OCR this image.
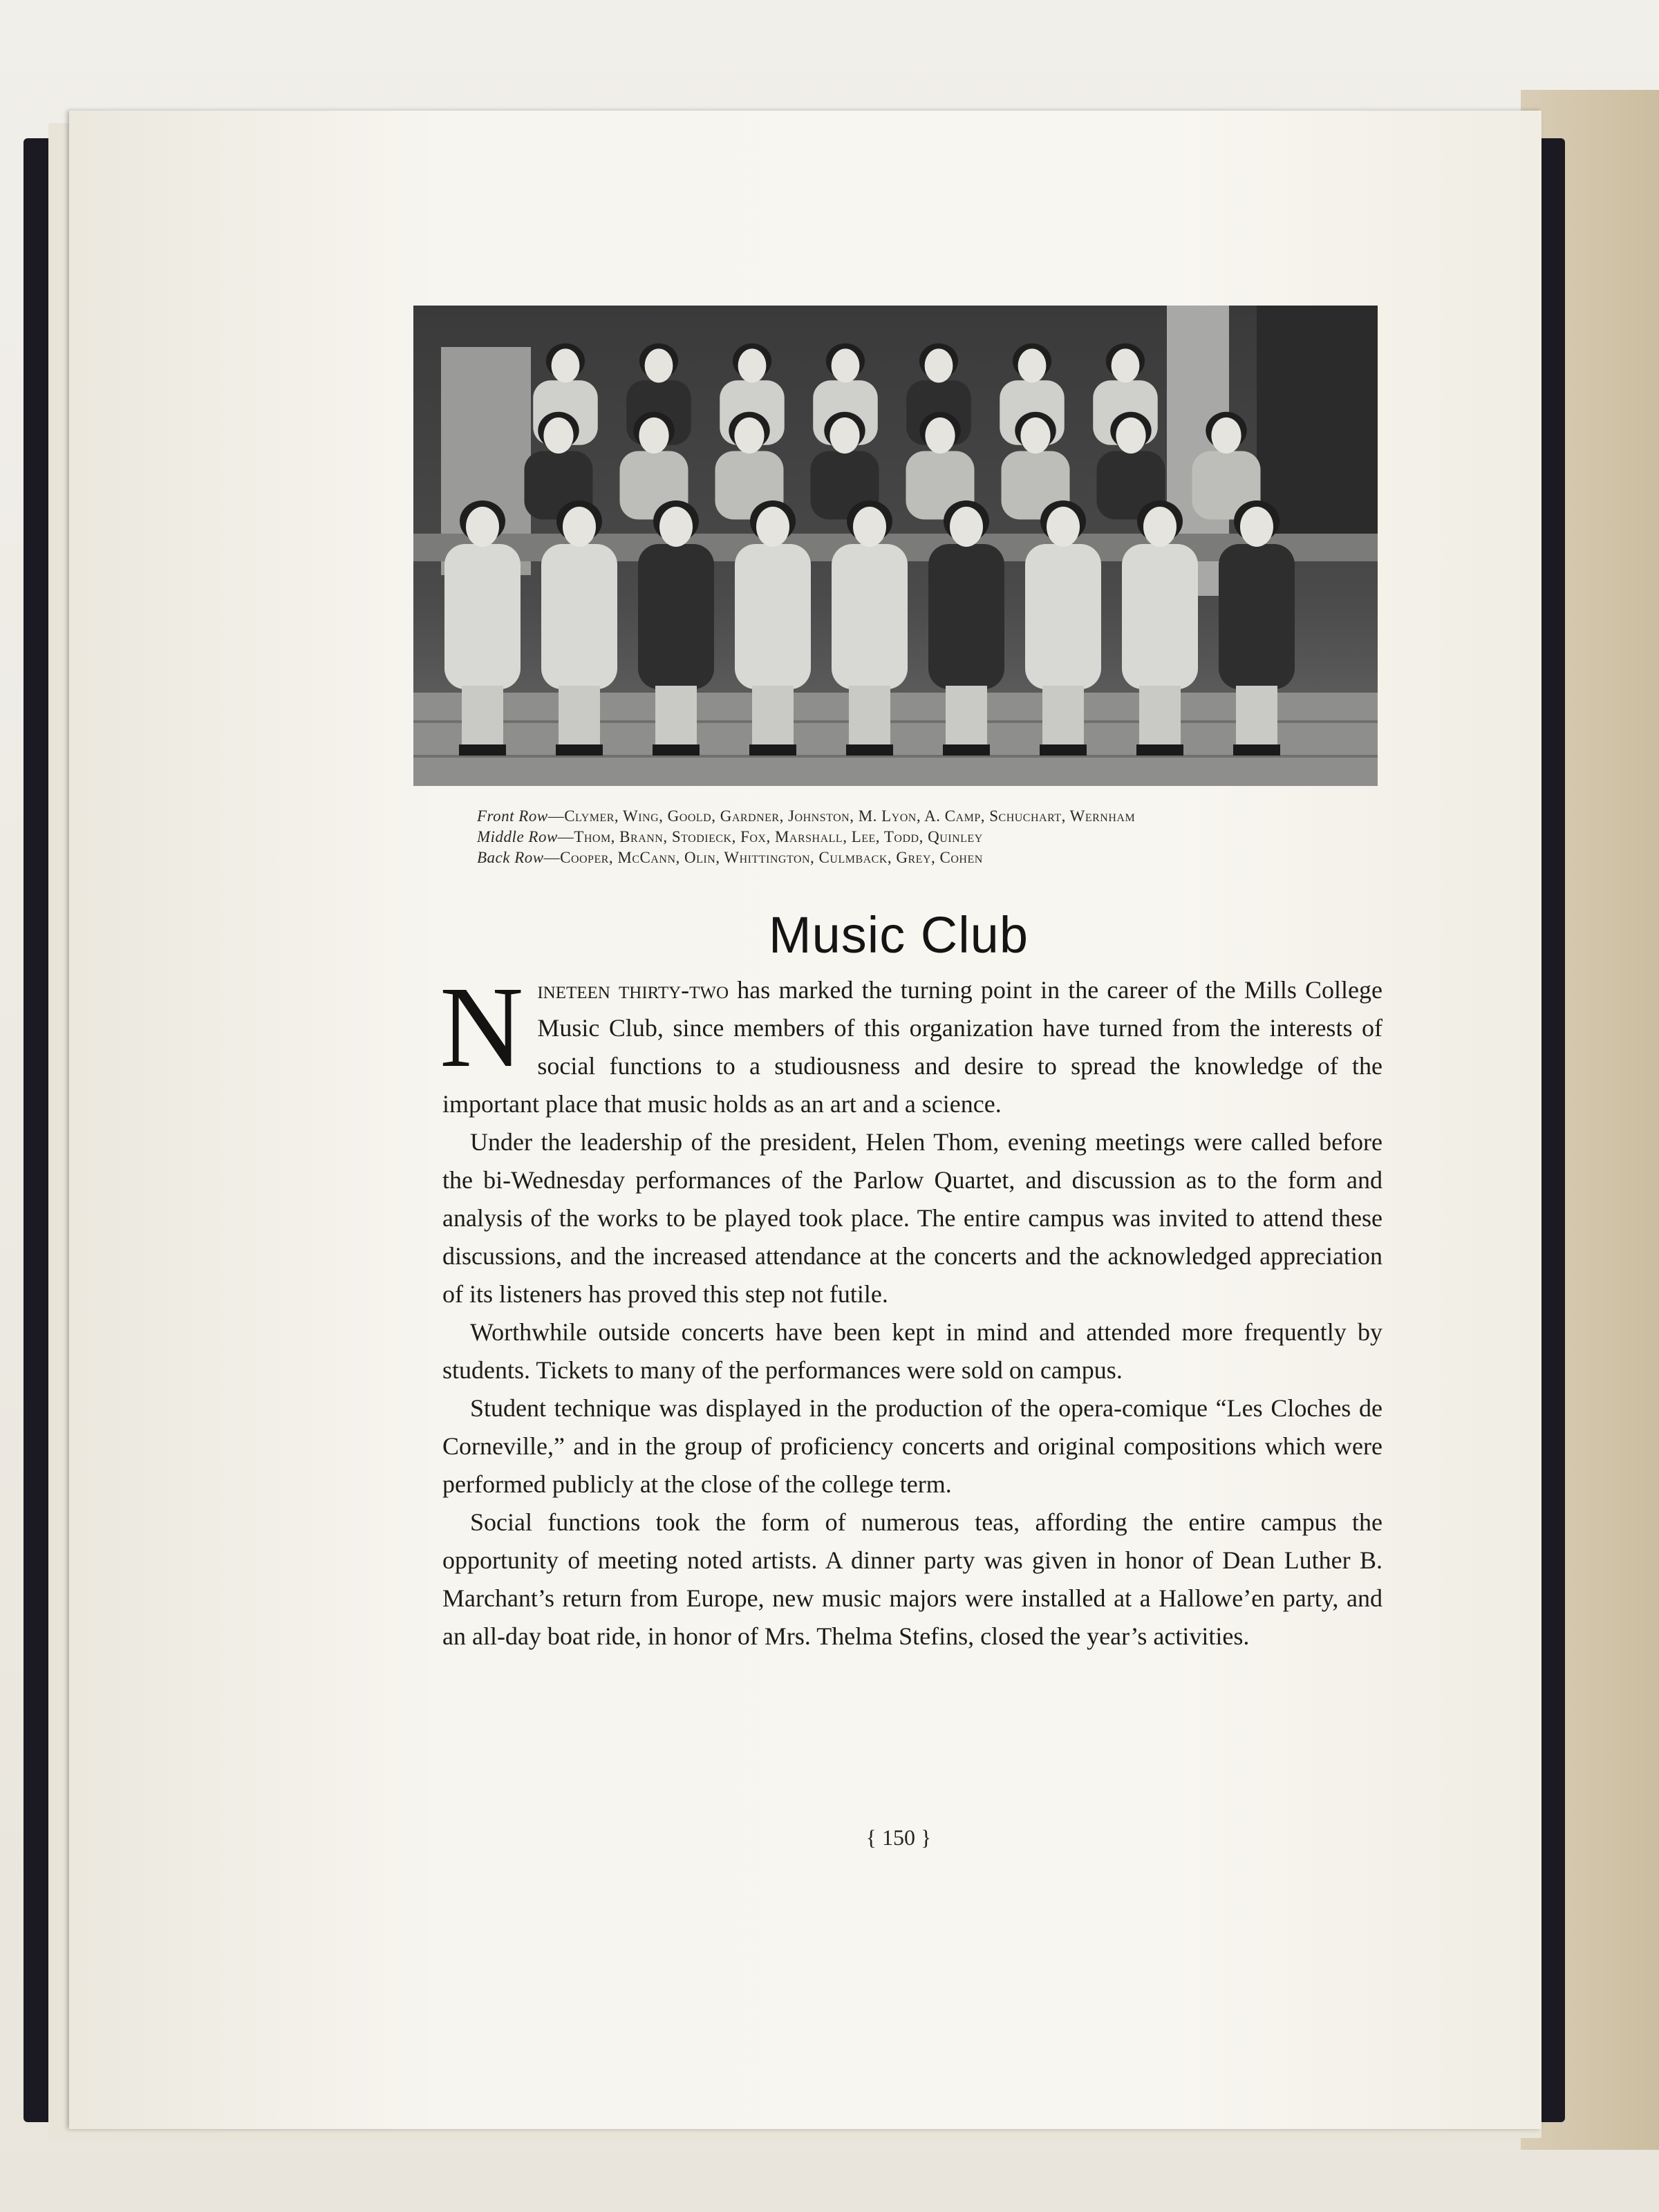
Front Row—Clymer, Wing, Goold, Gardner, Johnston, M. Lyon, A. Camp, Schuchart, Wernham
Middle Row—Thom, Brann, Stodieck, Fox, Marshall, Lee, Todd, Quinley
Back Row—Cooper, McCann, Olin, Whittington, Culmback, Grey, Cohen
Music Club

Nineteen thirty-two has marked the turning point in the career of the Mills College Music Club, since members of this organization have turned from the interests of social functions to a studiousness and desire to spread the knowledge of the important place that music holds as an art and a science.

Under the leadership of the president, Helen Thom, evening meetings were called before the bi-Wednesday performances of the Parlow Quartet, and discussion as to the form and analysis of the works to be played took place. The entire campus was invited to attend these discussions, and the increased attendance at the concerts and the acknowledged appreciation of its listeners has proved this step not futile.

Worthwhile outside concerts have been kept in mind and attended more frequently by students. Tickets to many of the performances were sold on campus.

Student technique was displayed in the production of the opera-comique “Les Cloches de Corneville,” and in the group of proficiency concerts and original compositions which were performed publicly at the close of the college term.

Social functions took the form of numerous teas, affording the entire campus the opportunity of meeting noted artists. A dinner party was given in honor of Dean Luther B. Marchant’s return from Europe, new music majors were installed at a Hallowe’en party, and an all-day boat ride, in honor of Mrs. Thelma Stefins, closed the year’s activities.

{ 150 }
